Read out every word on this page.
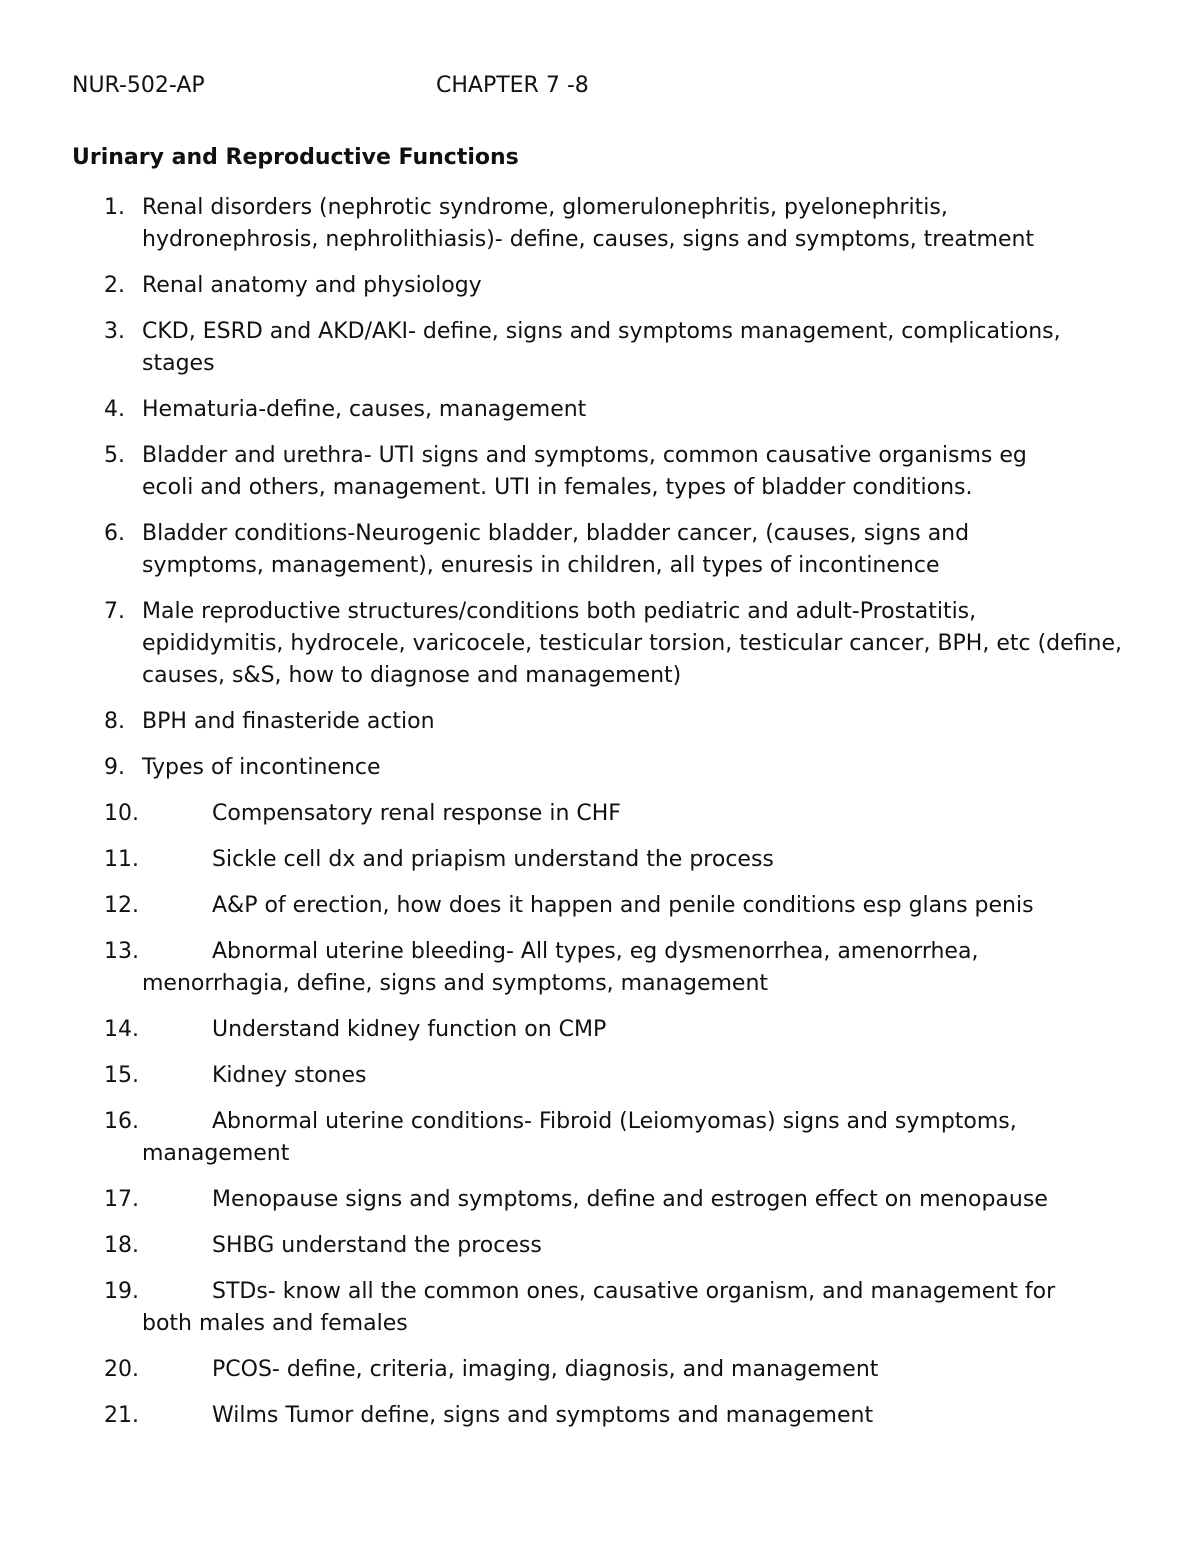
NUR-502-AP	CHAPTER 7 -8
Urinary and Reproductive Functions
1. Renal disorders (nephrotic syndrome, glomerulonephritis, pyelonephritis,
hydronephrosis, nephrolithiasis)- define, causes, signs and symptoms, treatment
2. Renal anatomy and physiology
3. CKD, ESRD and AKD/AKI- define, signs and symptoms management, complications,
stages
4. Hematuria-define, causes, management
5. Bladder and urethra- UTI signs and symptoms, common causative organisms eg
ecoli and others, management. UTI in females, types of bladder conditions.
6. Bladder conditions-Neurogenic bladder, bladder cancer, (causes, signs and
symptoms, management), enuresis in children, all types of incontinence
7. Male reproductive structures/conditions both pediatric and adult-Prostatitis,
epididymitis, hydrocele, varicocele, testicular torsion, testicular cancer, BPH, etc (define, causes, s&S, how to diagnose and management)
8. BPH and finasteride action
9. Types of incontinence
10.	Compensatory renal response in CHF
11.	Sickle cell dx and priapism understand the process
12.	A&P of erection, how does it happen and penile conditions esp glans penis
13.	Abnormal uterine bleeding- All types, eg dysmenorrhea, amenorrhea,
menorrhagia, define, signs and symptoms, management
14.	Understand kidney function on CMP
15.	Kidney stones
16.	Abnormal uterine conditions- Fibroid (Leiomyomas) signs and symptoms,
management
17.	Menopause signs and symptoms, define and estrogen effect on menopause
18.	SHBG understand the process
19.	STDs- know all the common ones, causative organism, and management for
both males and females
20.	PCOS- define, criteria, imaging, diagnosis, and management
21.	Wilms Tumor define, signs and symptoms and management
